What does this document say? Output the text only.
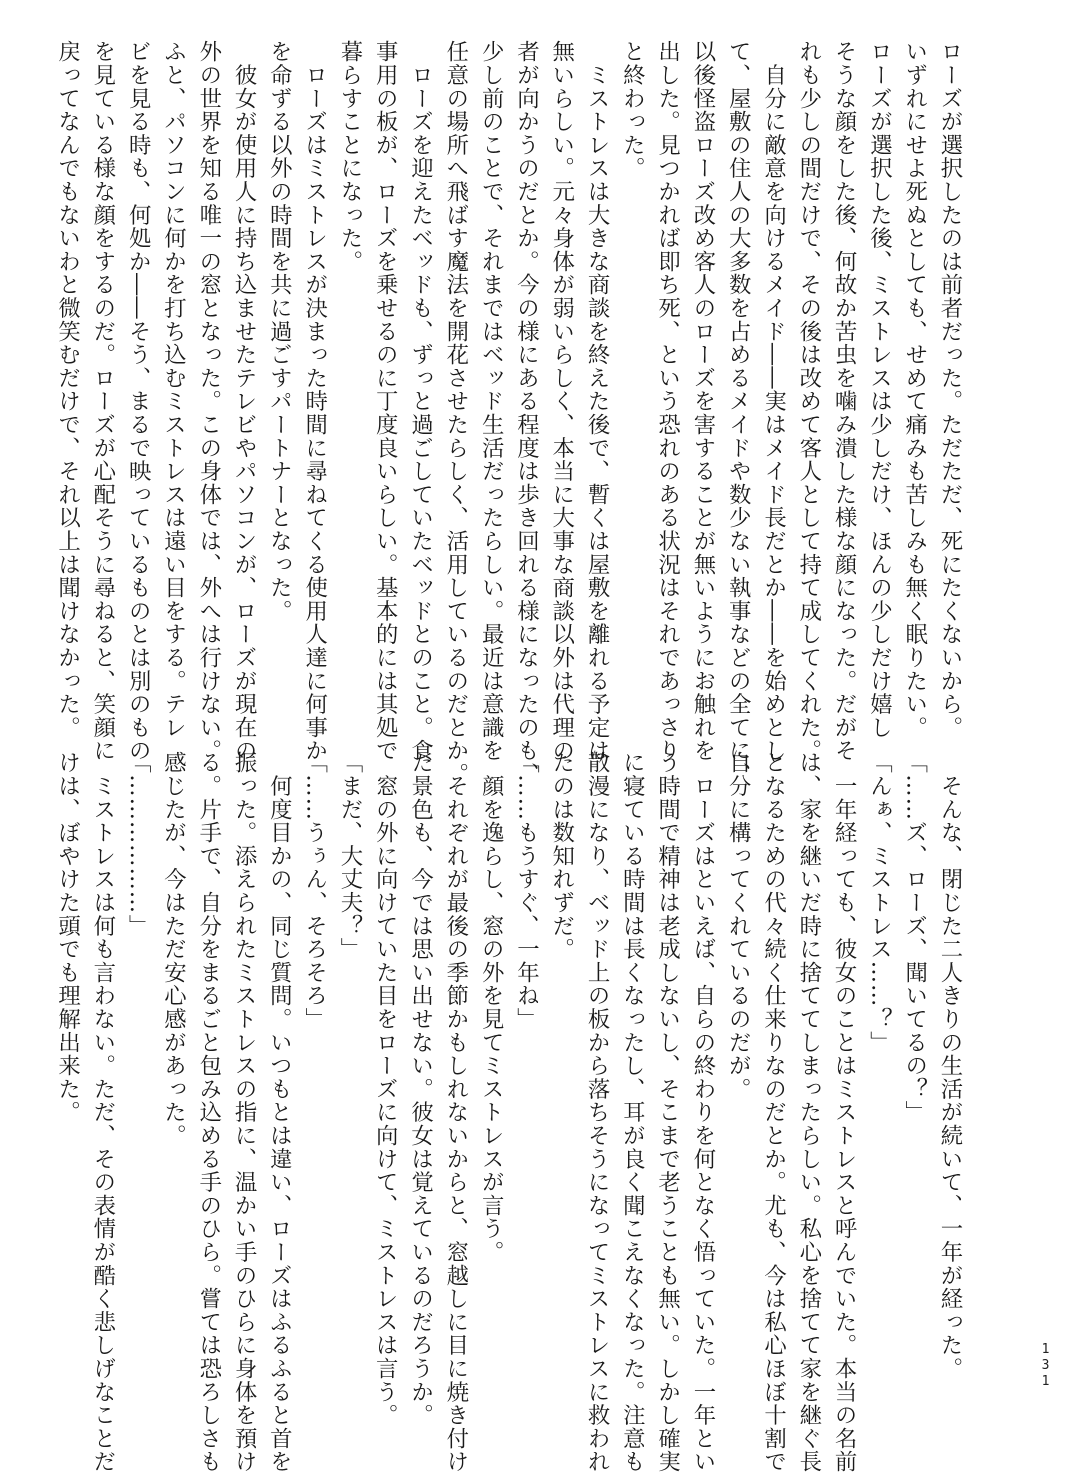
ローズが選択したのは前者だった。ただただ、死にたくないから。
いずれにせよ死ぬとしても、せめて痛みも苦しみも無く眠りたい。
ローズが選択した後、ミストレスは少しだけ、ほんの少しだけ嬉し
そうな顔をした後、何故か苦虫を噛み潰した様な顔になった。だがそ
れも少しの間だけで、その後は改めて客人として持て成してくれた。
　自分に敵意を向けるメイド――実はメイド長だとか――を始めとし
て、屋敷の住人の大多数を占めるメイドや数少ない執事などの全てに、
以後怪盗ローズ改め客人のローズを害することが無いようにお触れを
出した。見つかれば即ち死、という恐れのある状況はそれであっさり
と終わった。
　ミストレスは大きな商談を終えた後で、暫くは屋敷を離れる予定は
無いらしい。元々身体が弱いらしく、本当に大事な商談以外は代理の
者が向かうのだとか。今の様にある程度は歩き回れる様になったのも、
少し前のことで、それまではベッド生活だったらしい。最近は意識を
任意の場所へ飛ばす魔法を開花させたらしく、活用しているのだとか。
　ローズを迎えたベッドも、ずっと過ごしていたベッドとのこと。食
事用の板が、ローズを乗せるのに丁度良いらしい。基本的には其処で
暮らすことになった。
　ローズはミストレスが決まった時間に尋ねてくる使用人達に何事か
を命ずる以外の時間を共に過ごすパートナーとなった。
　彼女が使用人に持ち込ませたテレビやパソコンが、ローズが現在の
外の世界を知る唯一の窓となった。この身体では、外へは行けない。
ふと、パソコンに何かを打ち込むミストレスは遠い目をする。テレ
ビを見る時も、何処か――そう、まるで映っているものとは別のもの
を見ている様な顔をするのだ。ローズが心配そうに尋ねると、笑顔に
戻ってなんでもないわと微笑むだけで、それ以上は聞けなかった。
　そんな、閉じた二人きりの生活が続いて、一年が経った。
「……ズ、ローズ、聞いてるの？」
「んぁ、ミストレス……？」
　一年経っても、彼女のことはミストレスと呼んでいた。本当の名前
は、家を継いだ時に捨ててしまったらしい。私心を捨てて家を継ぐ長
となるための代々続く仕来りなのだとか。尤も、今は私心ほぼ十割で
自分に構ってくれているのだが。
　ローズはといえば、自らの終わりを何となく悟っていた。一年とい
う時間で精神は老成しないし、そこまで老うことも無い。しかし確実
に寝ている時間は長くなったし、耳が良く聞こえなくなった。注意も
散漫になり、ベッド上の板から落ちそうになってミストレスに救われ
たのは数知れずだ。
「……もうすぐ、一年ね」
　顔を逸らし、窓の外を見てミストレスが言う。
　それぞれが最後の季節かもしれないからと、窓越しに目に焼き付け
た景色も、今では思い出せない。彼女は覚えているのだろうか。
　窓の外に向けていた目をローズに向けて、ミストレスは言う。
「まだ、大丈夫？」
「……うぅん、そろそろ」
　何度目かの、同じ質問。いつもとは違い、ローズはふるふると首を
振った。添えられたミストレスの指に、温かい手のひらに身体を預け
る。片手で、自分をまるごと包み込める手のひら。嘗ては恐ろしさも
感じたが、今はただ安心感があった。
「………………」
　ミストレスは何も言わない。ただ、その表情が酷く悲しげなことだ
けは、ぼやけた頭でも理解出来た。
131
